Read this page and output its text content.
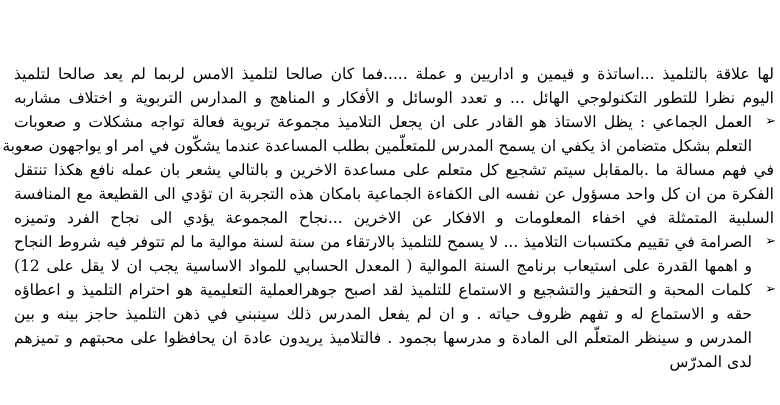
لها علاقة بالتلميذ ...اساتذة و قيمين و اداريين و عملة .....فما كان صالحا لتلميذ الامس لربما لم يعد صالحا لتلميذ
اليوم نظرا للتطور التكنولوجي الهائل ... و تعدد الوسائل و الأفكار و المناهج و المدارس التربوية و اختلاف مشاربه
➢
العمل الجماعي : يظل الاستاذ هو القادر على ان يجعل التلاميذ مجموعة تربوية فعالة تواجه مشكلات و صعوبات
التعلم بشكل متضامن اذ يكفي ان يسمح المدرس للمتعلّمين بطلب المساعدة عندما يشكّون في امر او يواجهون صعوبة
في فهم مسالة ما .بالمقابل سيتم تشجيع كل متعلم على مساعدة الاخرين و بالتالي يشعر بان عمله نافع هكذا تنتقل
الفكرة من ان كل واحد مسؤول عن نفسه الى الكفاءة الجماعية بامكان هذه التجربة ان تؤدي الى القطيعة مع المنافسة
السلبية المتمثلة في اخفاء المعلومات و الافكار عن الاخرين ...نجاح المجموعة يؤدي الى نجاح الفرد وتميزه
➢
الصرامة في تقييم مكتسبات التلاميذ ... لا يسمح للتلميذ بالارتقاء من سنة لسنة موالية ما لم تتوفر فيه شروط النجاح
و اهمها القدرة على استيعاب برنامج السنة الموالية ( المعدل الحسابي للمواد الاساسية يجب ان لا يقل على 12)
➢
كلمات المحبة و التحفيز والتشجيع و الاستماع للتلميذ لقد اصبح جوهرالعملية التعليمية هو احترام التلميذ و اعطاؤه
حقه و الاستماع له و تفهم ظروف حياته . و ان لم يفعل المدرس ذلك سينبني في ذهن التلميذ حاجز بينه و بين
المدرس و سينظر المتعلّم الى المادة و مدرسها بجمود . فالتلاميذ يريدون عادة ان يحافظوا على محبتهم و تميزهم
لدى المدرّس
